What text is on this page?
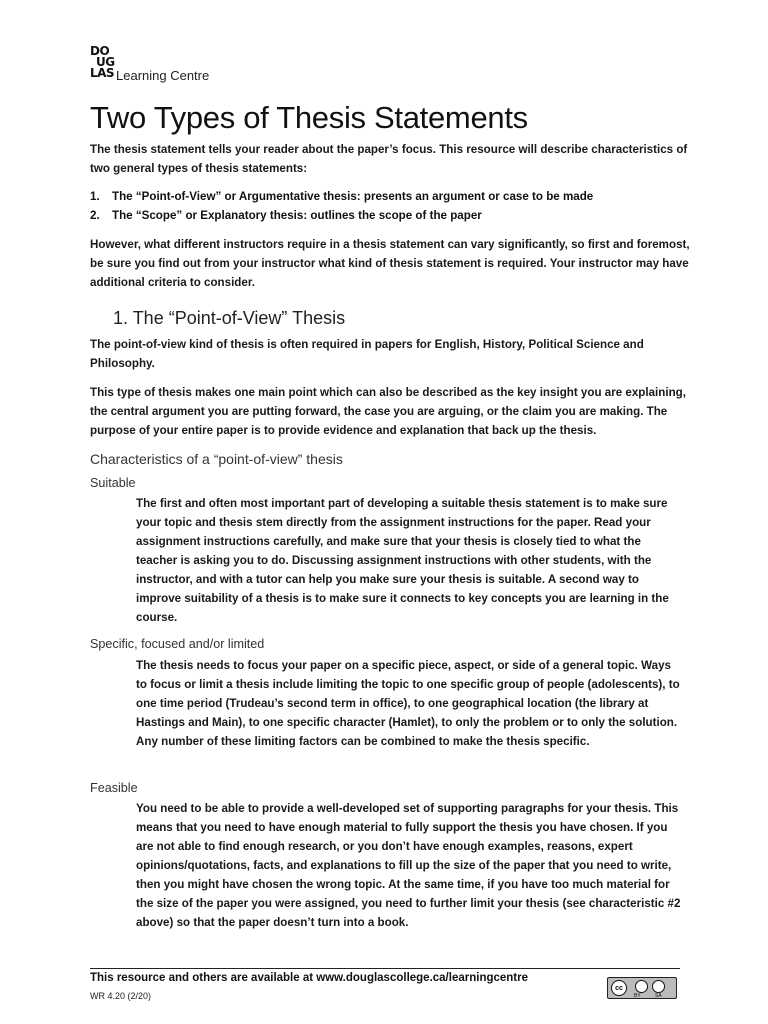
DO
UG
LAS Learning Centre
Two Types of Thesis Statements
The thesis statement tells your reader about the paper’s focus. This resource will describe characteristics of two general types of thesis statements:
1. The “Point-of-View” or Argumentative thesis: presents an argument or case to be made
2. The “Scope” or Explanatory thesis: outlines the scope of the paper
However, what different instructors require in a thesis statement can vary significantly, so first and foremost, be sure you find out from your instructor what kind of thesis statement is required. Your instructor may have additional criteria to consider.
1. The “Point-of-View” Thesis
The point-of-view kind of thesis is often required in papers for English, History, Political Science and Philosophy.
This type of thesis makes one main point which can also be described as the key insight you are explaining, the central argument you are putting forward, the case you are arguing, or the claim you are making. The purpose of your entire paper is to provide evidence and explanation that back up the thesis.
Characteristics of a “point-of-view” thesis
Suitable
The first and often most important part of developing a suitable thesis statement is to make sure your topic and thesis stem directly from the assignment instructions for the paper. Read your assignment instructions carefully, and make sure that your thesis is closely tied to what the teacher is asking you to do. Discussing assignment instructions with other students, with the instructor, and with a tutor can help you make sure your thesis is suitable. A second way to improve suitability of a thesis is to make sure it connects to key concepts you are learning in the course.
Specific, focused and/or limited
The thesis needs to focus your paper on a specific piece, aspect, or side of a general topic. Ways to focus or limit a thesis include limiting the topic to one specific group of people (adolescents), to one time period (Trudeau’s second term in office), to one geographical location (the library at Hastings and Main), to one specific character (Hamlet), to only the problem or to only the solution. Any number of these limiting factors can be combined to make the thesis specific.
Feasible
You need to be able to provide a well-developed set of supporting paragraphs for your thesis. This means that you need to have enough material to fully support the thesis you have chosen. If you are not able to find enough research, or you don’t have enough examples, reasons, expert opinions/quotations, facts, and explanations to fill up the size of the paper that you need to write, then you might have chosen the wrong topic. At the same time, if you have too much material for the size of the paper you were assigned, you need to further limit your thesis (see characteristic #2 above) so that the paper doesn’t turn into a book.
This resource and others are available at www.douglascollege.ca/learningcentre
WR 4.20 (2/20)
cc
BY	SA
